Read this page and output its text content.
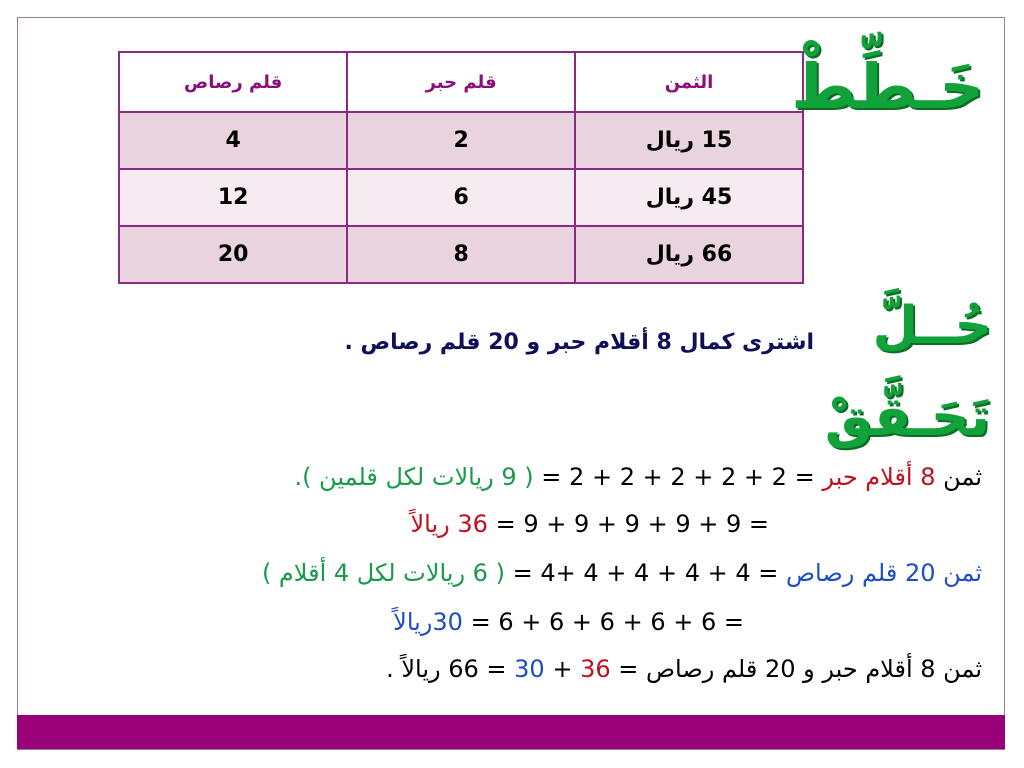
الثمن	قلم حبر	قلم رصاص
15 ريال	2	4
45 ريال	6	12
66 ريال	8	20
خَـطِّطْ
حُــلَّ
تَحَـقَّقْ
اشترى كمال 8 أقلام حبر و 20 قلم رصاص .
ثمن 8 أقلام حبر = 2 + 2 + 2 + 2 + 2 = ( 9 ريالات لكل قلمين ).
= 9 + 9 + 9 + 9 + 9 = 36 ريالاً
ثمن 20 قلم رصاص = 4 + 4 + 4 + 4 +4 = ( 6 ريالات لكل 4 أقلام )
= 6 + 6 + 6 + 6 + 6 = 30ريالاً
ثمن 8 أقلام حبر و 20 قلم رصاص = 36 + 30 = 66 ريالاً .
